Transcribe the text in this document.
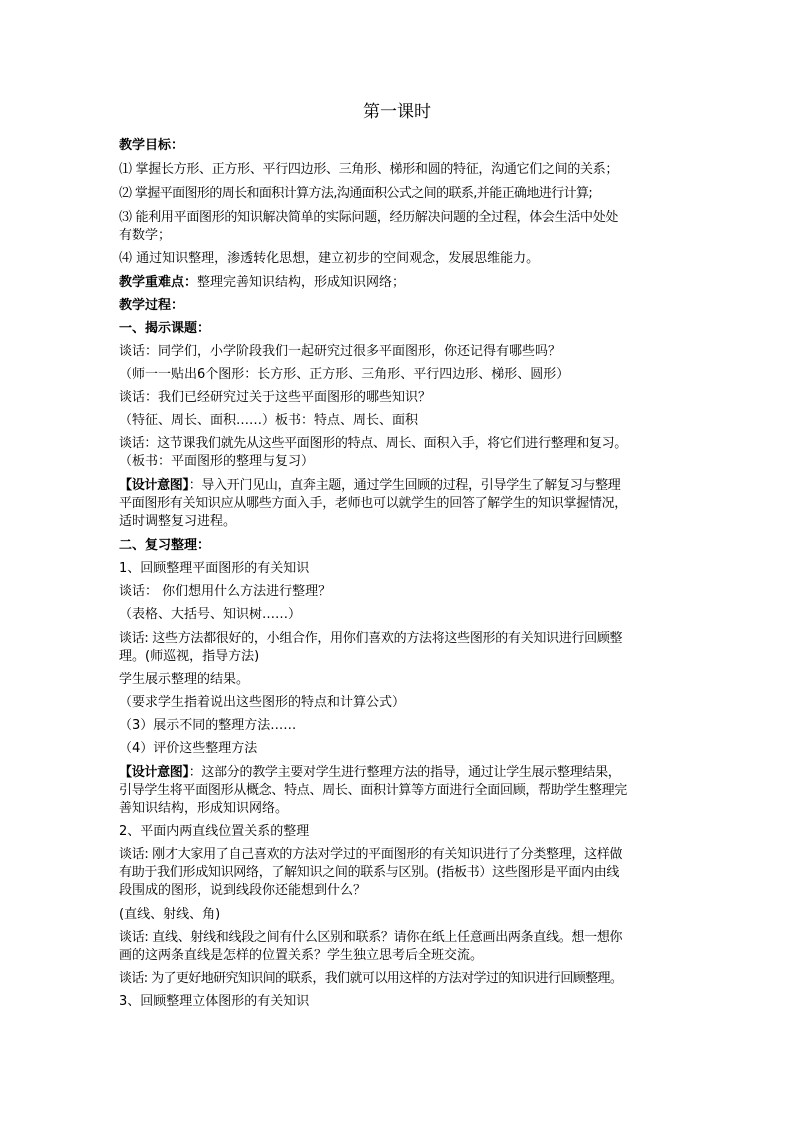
第一课时
教学目标：
⑴ 掌握长方形、正方形、平行四边形、三角形、梯形和圆的特征，沟通它们之间的关系；
⑵ 掌握平面图形的周长和面积计算方法,沟通面积公式之间的联系,并能正确地进行计算;
⑶ 能利用平面图形的知识解决简单的实际问题，经历解决问题的全过程，体会生活中处处
有数学；
⑷ 通过知识整理，渗透转化思想，建立初步的空间观念，发展思维能力。
教学重难点：整理完善知识结构，形成知识网络；
教学过程：
一、揭示课题：
谈话：同学们，小学阶段我们一起研究过很多平面图形，你还记得有哪些吗？
（师一一贴出6个图形：长方形、正方形、三角形、平行四边形、梯形、圆形）
谈话：我们已经研究过关于这些平面图形的哪些知识？
（特征、周长、面积……）板书：特点、周长、面积
谈话：这节课我们就先从这些平面图形的特点、周长、面积入手，将它们进行整理和复习。
（板书：平面图形的整理与复习）
【设计意图】：导入开门见山，直奔主题，通过学生回顾的过程，引导学生了解复习与整理
平面图形有关知识应从哪些方面入手，老师也可以就学生的回答了解学生的知识掌握情况，
适时调整复习进程。
二、复习整理：
1、回顾整理平面图形的有关知识
谈话： 你们想用什么方法进行整理？
（表格、大括号、知识树……）
谈话: 这些方法都很好的，小组合作，用你们喜欢的方法将这些图形的有关知识进行回顾整
理。(师巡视，指导方法)
学生展示整理的结果。
（要求学生指着说出这些图形的特点和计算公式）
（3）展示不同的整理方法……
（4）评价这些整理方法
【设计意图】：这部分的教学主要对学生进行整理方法的指导，通过让学生展示整理结果，
引导学生将平面图形从概念、特点、周长、面积计算等方面进行全面回顾，帮助学生整理完
善知识结构，形成知识网络。
2、平面内两直线位置关系的整理
谈话: 刚才大家用了自己喜欢的方法对学过的平面图形的有关知识进行了分类整理，这样做
有助于我们形成知识网络，了解知识之间的联系与区别。(指板书）这些图形是平面内由线
段围成的图形，说到线段你还能想到什么？
(直线、射线、角)
谈话: 直线、射线和线段之间有什么区别和联系？请你在纸上任意画出两条直线。想一想你
画的这两条直线是怎样的位置关系？学生独立思考后全班交流。
谈话: 为了更好地研究知识间的联系，我们就可以用这样的方法对学过的知识进行回顾整理。
3、回顾整理立体图形的有关知识
